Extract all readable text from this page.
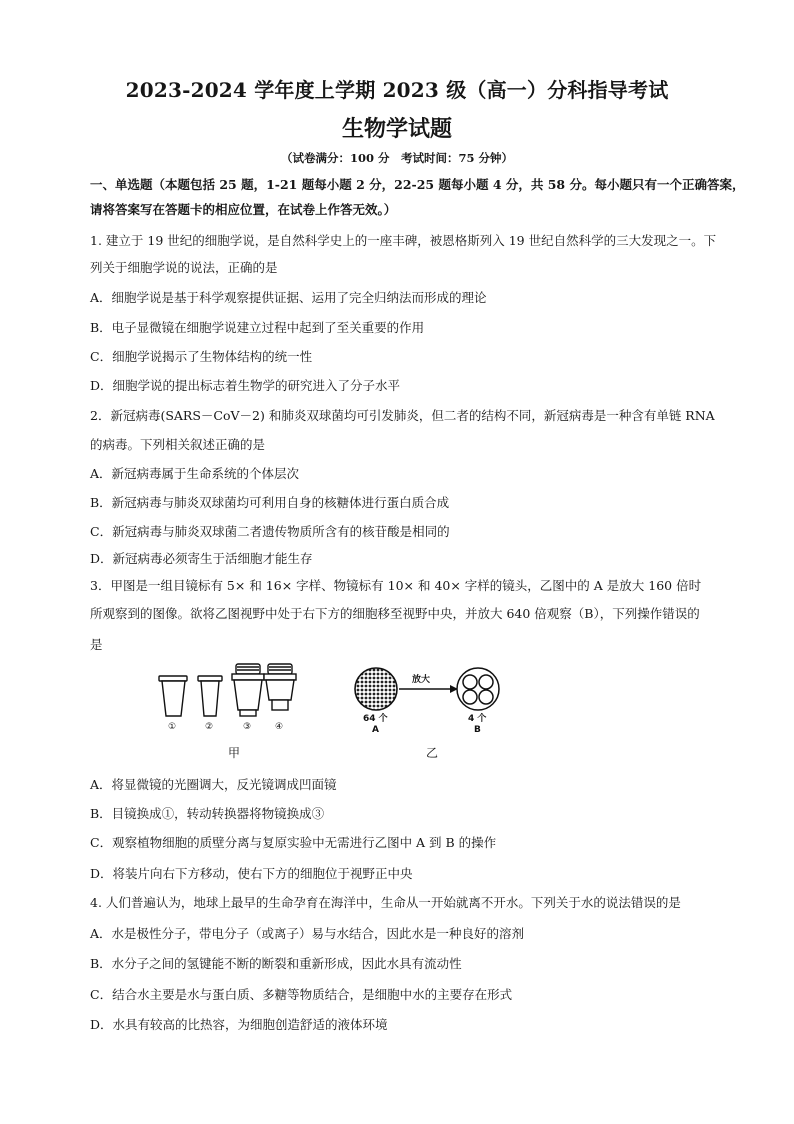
2023-2024 学年度上学期 2023 级（高一）分科指导考试
生物学试题
（试卷满分：100 分　考试时间：75 分钟）
一、单选题（本题包括 25 题，1-21 题每小题 2 分，22-25 题每小题 4 分，共 58 分。每小题只有一个正确答案，
请将答案写在答题卡的相应位置，在试卷上作答无效。）
1. 建立于 19 世纪的细胞学说，是自然科学史上的一座丰碑，被恩格斯列入 19 世纪自然科学的三大发现之一。下
列关于细胞学说的说法，正确的是
A．细胞学说是基于科学观察提供证据、运用了完全归纳法而形成的理论
B．电子显微镜在细胞学说建立过程中起到了至关重要的作用
C．细胞学说揭示了生物体结构的统一性
D．细胞学说的提出标志着生物学的研究进入了分子水平
2．新冠病毒(SARS－CoV－2) 和肺炎双球菌均可引发肺炎，但二者的结构不同，新冠病毒是一种含有单链 RNA
的病毒。下列相关叙述正确的是
A．新冠病毒属于生命系统的个体层次
B．新冠病毒与肺炎双球菌均可利用自身的核糖体进行蛋白质合成
C．新冠病毒与肺炎双球菌二者遗传物质所含有的核苷酸是相同的
D．新冠病毒必须寄生于活细胞才能生存
3．甲图是一组目镜标有 5× 和 16× 字样、物镜标有 10× 和 40× 字样的镜头，乙图中的 A 是放大 160 倍时
所观察到的图像。欲将乙图视野中处于右下方的细胞移至视野中央，并放大 640 倍观察（B），下列操作错误的
是
放大
64 个
A
4 个
B
①	②	③	④
甲	乙
A．将显微镜的光圈调大，反光镜调成凹面镜
B．目镜换成①，转动转换器将物镜换成③
C．观察植物细胞的质壁分离与复原实验中无需进行乙图中 A 到 B 的操作
D．将装片向右下方移动，使右下方的细胞位于视野正中央
4. 人们普遍认为，地球上最早的生命孕育在海洋中，生命从一开始就离不开水。下列关于水的说法错误的是
A．水是极性分子，带电分子（或离子）易与水结合，因此水是一种良好的溶剂
B．水分子之间的氢键能不断的断裂和重新形成，因此水具有流动性
C．结合水主要是水与蛋白质、多糖等物质结合，是细胞中水的主要存在形式
D．水具有较高的比热容，为细胞创造舒适的液体环境
